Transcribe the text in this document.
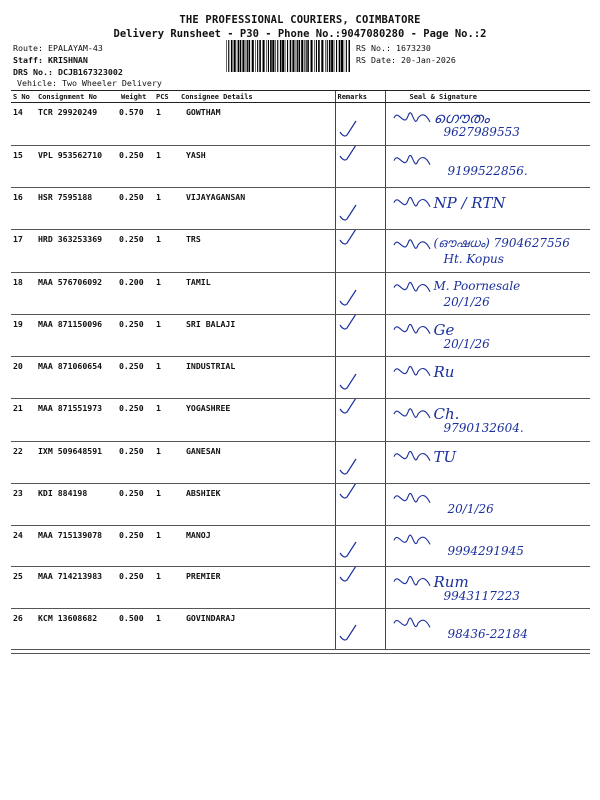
THE PROFESSIONAL COURIERS, COIMBATORE
Delivery Runsheet - P30 - Phone No.:9047080280 - Page No.:2
Route: EPALAYAM-43
Staff: KRISHNAN
DRS No.: DCJB167323002
Vehicle: Two Wheeler Delivery
RS No.: 1673230
RS Date: 20-Jan-2026
S No	Consignment No	Weight	PCS	Consignee Details	Remarks	Seal & Signature
14	TCR 29920249	0.570	1	GOWTHAM		ഗൌതം
9627989553

15	VPL 953562710	0.250	1	YASH		9199522856.

16	HSR 7595188	0.250	1	VIJAYAGANSAN		NP / RTN

17	HRD 363253369	0.250	1	TRS		(ഔഷധം) 7904627556
Ht. Kopus

18	MAA 576706092	0.200	1	TAMIL		M. Poornesale
20/1/26

19	MAA 871150096	0.250	1	SRI BALAJI		Ge
20/1/26

20	MAA 871060654	0.250	1	INDUSTRIAL		Ru

21	MAA 871551973	0.250	1	YOGASHREE		Ch.
9790132604.

22	IXM 509648591	0.250	1	GANESAN		TU

23	KDI 884198	0.250	1	ABSHIEK		20/1/26

24	MAA 715139078	0.250	1	MANOJ		9994291945

25	MAA 714213983	0.250	1	PREMIER		Rum
9943117223

26	KCM 13608682	0.500	1	GOVINDARAJ		98436-22184
